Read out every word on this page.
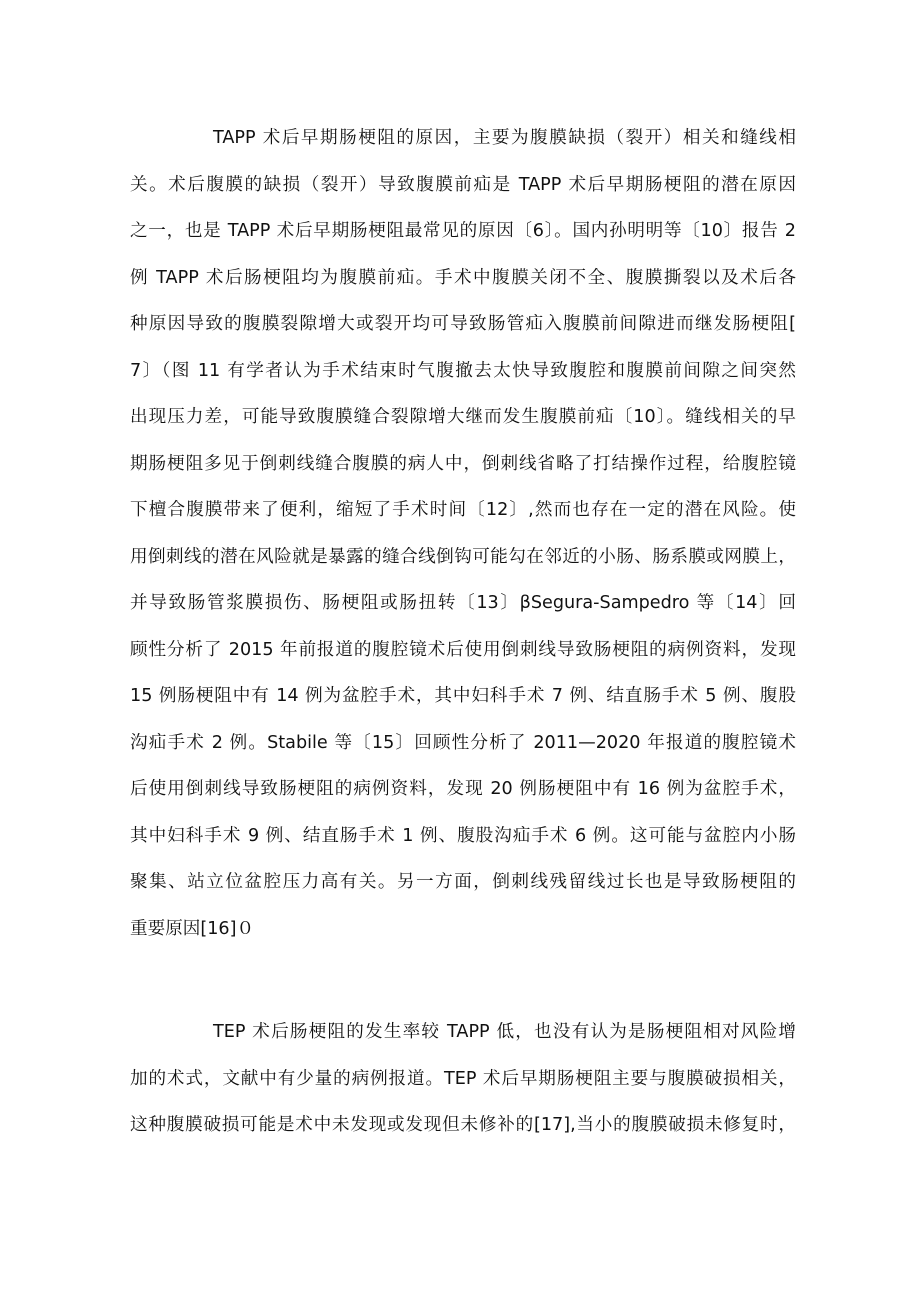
TAPP 术后早期肠梗阻的原因，主要为腹膜缺损（裂开）相关和缝线相
关。术后腹膜的缺损（裂开）导致腹膜前疝是 TAPP 术后早期肠梗阻的潜在原因
之一，也是 TAPP 术后早期肠梗阻最常见的原因〔6〕。国内孙明明等〔10〕报告 2
例 TAPP 术后肠梗阻均为腹膜前疝。手术中腹膜关闭不全、腹膜撕裂以及术后各
种原因导致的腹膜裂隙增大或裂开均可导致肠管疝入腹膜前间隙进而继发肠梗阻[
7〕（图 11 有学者认为手术结束时气腹撤去太快导致腹腔和腹膜前间隙之间突然
出现压力差，可能导致腹膜缝合裂隙增大继而发生腹膜前疝〔10〕。缝线相关的早
期肠梗阻多见于倒刺线缝合腹膜的病人中，倒刺线省略了打结操作过程，给腹腔镜
下檀合腹膜带来了便利，缩短了手术时间〔12〕,然而也存在一定的潜在风险。使
用倒刺线的潜在风险就是暴露的缝合线倒钩可能勾在邻近的小肠、肠系膜或网膜上，
并导致肠管浆膜损伤、肠梗阻或肠扭转〔13〕βSegura-Sampedro 等〔14〕回
顾性分析了 2015 年前报道的腹腔镜术后使用倒刺线导致肠梗阻的病例资料，发现
15 例肠梗阻中有 14 例为盆腔手术，其中妇科手术 7 例、结直肠手术 5 例、腹股
沟疝手术 2 例。Stabile 等〔15〕回顾性分析了 2011—2020 年报道的腹腔镜术
后使用倒刺线导致肠梗阻的病例资料，发现 20 例肠梗阻中有 16 例为盆腔手术，
其中妇科手术 9 例、结直肠手术 1 例、腹股沟疝手术 6 例。这可能与盆腔内小肠
聚集、站立位盆腔压力高有关。另一方面，倒刺线残留线过长也是导致肠梗阻的
重要原因[16]０
TEP 术后肠梗阻的发生率较 TAPP 低，也没有认为是肠梗阻相对风险增
加的术式，文献中有少量的病例报道。TEP 术后早期肠梗阻主要与腹膜破损相关，
这种腹膜破损可能是术中未发现或发现但未修补的[17],当小的腹膜破损未修复时，
